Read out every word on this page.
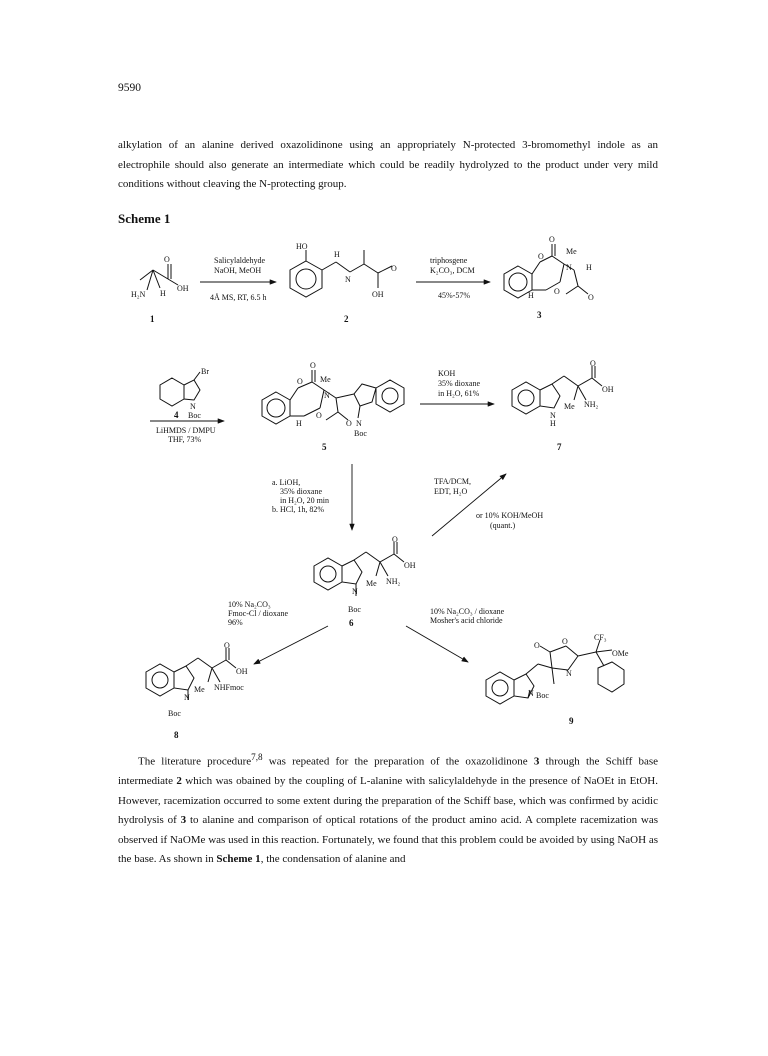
9590
alkylation of an alanine derived oxazolidinone using an appropriately N-protected 3-bromomethyl indole as an electrophile should also generate an intermediate which could be readily hydrolyzed to the product under very mild conditions without cleaving the N-protecting group.
Scheme 1
O
OH
H₂N H
1
Salicylaldehyde
NaOH, MeOH
4Å MS, RT, 6.5 h
HO
H
N
O
OH
2
triphosgene
K₂CO₃, DCM
45%-57%
O
O
Me
N H
H	O
O
3
Br
N
Boc
4
LiHMDS / DMPU
THF, 73%
O
O
Me
N
H
O
O N
Boc
5
KOH
35% dioxane
in H₂O, 61%
O
OH
Me NH₂
N
H
7
a. LiOH,
35% dioxane
in H₂O, 20 min
b. HCl, 1h, 82%
TFA/DCM,
EDT, H₂O
or 10% KOH/MeOH
(quant.)
O
OH
Me NH₂
N
Boc
6
10% Na₂CO₃
Fmoc-Cl / dioxane
96%
10% Na₂CO₃ / dioxane
Mosher's acid chloride
O
OH
Me NHFmoc
N
Boc
8
O	O
N
CF₃
OMe
N Boc
9
The literature procedure$^{7,8}$ was repeated for the preparation of the oxazolidinone 3 through the Schiff base intermediate 2 which was obained by the coupling of L-alanine with salicylaldehyde in the presence of NaOEt in EtOH. However, racemization occurred to some extent during the preparation of the Schiff base, which was confirmed by acidic hydrolysis of 3 to alanine and comparison of optical rotations of the product amino acid. A complete racemization was observed if NaOMe was used in this reaction. Fortunately, we found that this problem could be avoided by using NaOH as the base. As shown in Scheme 1, the condensation of alanine and
